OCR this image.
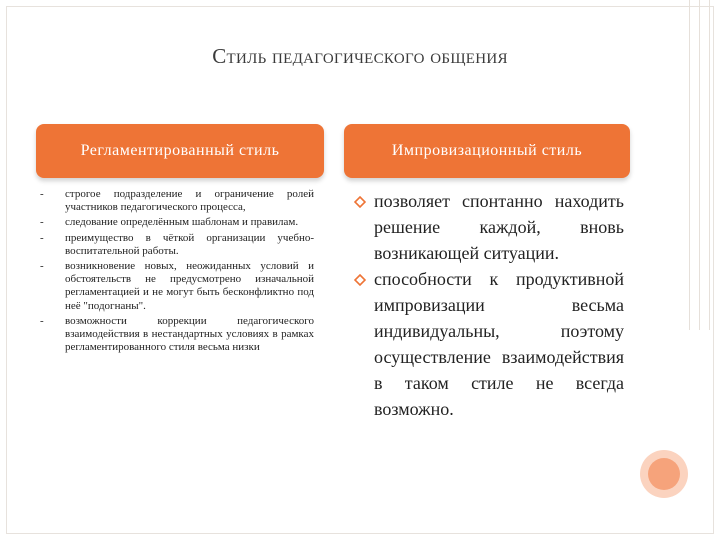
Стиль педагогического общения
Регламентированный стиль	Импровизационный стиль
- строгое подразделение и ограничение ролей участников педагогического процесса,
- следование определённым шаблонам и правилам.
- преимущество в чёткой организации учебно-воспитательной работы.
- возникновение новых, неожиданных условий и обстоятельств не предусмотрено изначальной регламентацией и не могут быть бесконфликтно под неё "подогнаны".
- возможности коррекции педагогического взаимодействия в нестандартных условиях в рамках регламентированного стиля весьма низки
позволяет спонтанно находить решение каждой, вновь возникающей ситуации.
способности к продуктивной импровизации весьма индивидуальны, поэтому осуществление взаимодействия в таком стиле не всегда возможно.
